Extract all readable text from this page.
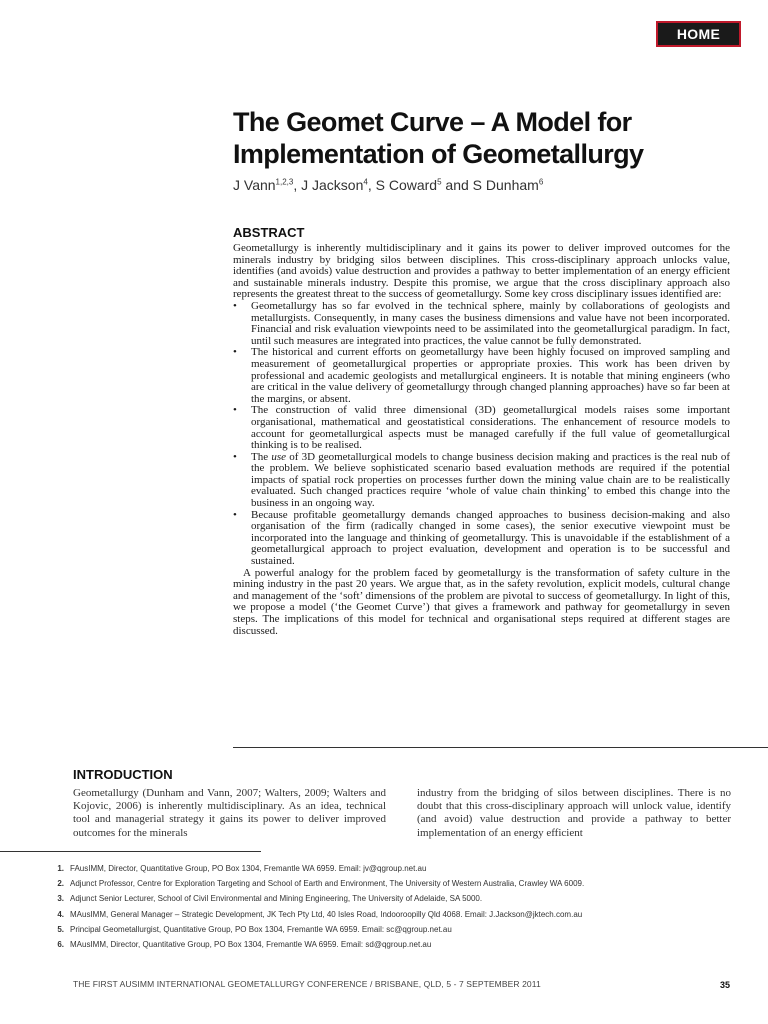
HOME
The Geomet Curve – A Model for Implementation of Geometallurgy
J Vann$^{1,2,3}$, J Jackson$^4$, S Coward$^5$ and S Dunham$^6$
ABSTRACT

Geometallurgy is inherently multidisciplinary and it gains its power to deliver improved outcomes for the minerals industry by bridging silos between disciplines. This cross-disciplinary approach unlocks value, identifies (and avoids) value destruction and provides a pathway to better implementation of an energy efficient and sustainable minerals industry. Despite this promise, we argue that the cross disciplinary approach also represents the greatest threat to the success of geometallurgy. Some key cross disciplinary issues identified are:

• Geometallurgy has so far evolved in the technical sphere, mainly by collaborations of geologists and metallurgists. Consequently, in many cases the business dimensions and value have not been incorporated. Financial and risk evaluation viewpoints need to be assimilated into the geometallurgical paradigm. In fact, until such measures are integrated into practices, the value cannot be fully demonstrated.
• The historical and current efforts on geometallurgy have been highly focused on improved sampling and measurement of geometallurgical properties or appropriate proxies. This work has been driven by professional and academic geologists and metallurgical engineers. It is notable that mining engineers (who are critical in the value delivery of geometallurgy through changed planning approaches) have so far been at the margins, or absent.
• The construction of valid three dimensional (3D) geometallurgical models raises some important organisational, mathematical and geostatistical considerations. The enhancement of resource models to account for geometallurgical aspects must be managed carefully if the full value of geometallurgical thinking is to be realised.
• The use of 3D geometallurgical models to change business decision making and practices is the real nub of the problem. We believe sophisticated scenario based evaluation methods are required if the potential impacts of spatial rock properties on processes further down the mining value chain are to be realistically evaluated. Such changed practices require ‘whole of value chain thinking’ to embed this change into the business in an ongoing way.
• Because profitable geometallurgy demands changed approaches to business decision-making and also organisation of the firm (radically changed in some cases), the senior executive viewpoint must be incorporated into the language and thinking of geometallurgy. This is unavoidable if the establishment of a geometallurgical approach to project evaluation, development and operation is to be successful and sustained.

A powerful analogy for the problem faced by geometallurgy is the transformation of safety culture in the mining industry in the past 20 years. We argue that, as in the safety revolution, explicit models, cultural change and management of the ‘soft’ dimensions of the problem are pivotal to success of geometallurgy. In light of this, we propose a model (‘the Geomet Curve’) that gives a framework and pathway for geometallurgy in seven steps. The implications of this model for technical and organisational steps required at different stages are discussed.

INTRODUCTION

Geometallurgy (Dunham and Vann, 2007; Walters, 2009; Walters and Kojovic, 2006) is inherently multidisciplinary. As an idea, technical tool and managerial strategy it gains its power to deliver improved outcomes for the minerals

industry from the bridging of silos between disciplines. There is no doubt that this cross-disciplinary approach will unlock value, identify (and avoid) value destruction and provide a pathway to better implementation of an energy efficient

1. FAusIMM, Director, Quantitative Group, PO Box 1304, Fremantle WA 6959. Email: jv@qgroup.net.au
2. Adjunct Professor, Centre for Exploration Targeting and School of Earth and Environment, The University of Western Australia, Crawley WA 6009.
3. Adjunct Senior Lecturer, School of Civil Environmental and Mining Engineering, The University of Adelaide, SA 5000.
4. MAusIMM, General Manager – Strategic Development, JK Tech Pty Ltd, 40 Isles Road, Indooroopilly Qld 4068. Email: J.Jackson@jktech.com.au
5. Principal Geometallurgist, Quantitative Group, PO Box 1304, Fremantle WA 6959. Email: sc@qgroup.net.au
6. MAusIMM, Director, Quantitative Group, PO Box 1304, Fremantle WA 6959. Email: sd@qgroup.net.au
THE FIRST AUSIMM INTERNATIONAL GEOMETALLURGY CONFERENCE / BRISBANE, QLD, 5 - 7 SEPTEMBER 2011	35
